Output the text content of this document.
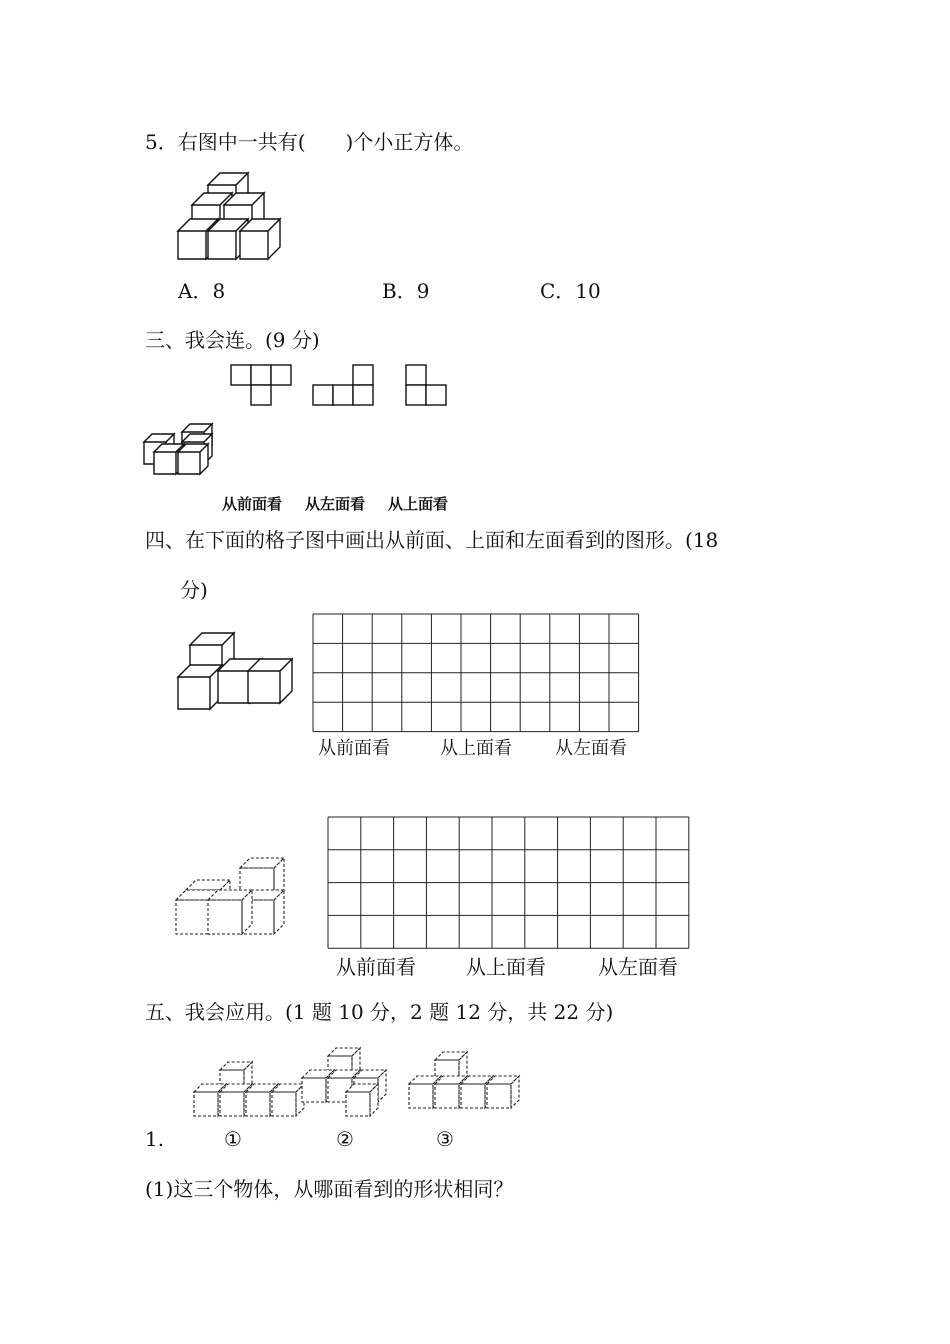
5．右图中一共有(　　)个小正方体。
A．8	B．9	C．10
三、我会连。(9 分)
从前面看 从左面看 从上面看
四、在下面的格子图中画出从前面、上面和左面看到的图形。(18
分)
从前面看	从上面看 从左面看
从前面看	从上面看	从左面看
五、我会应用。(1 题 10 分，2 题 12 分，共 22 分)
1.	①	②	③
(1)这三个物体，从哪面看到的形状相同？
